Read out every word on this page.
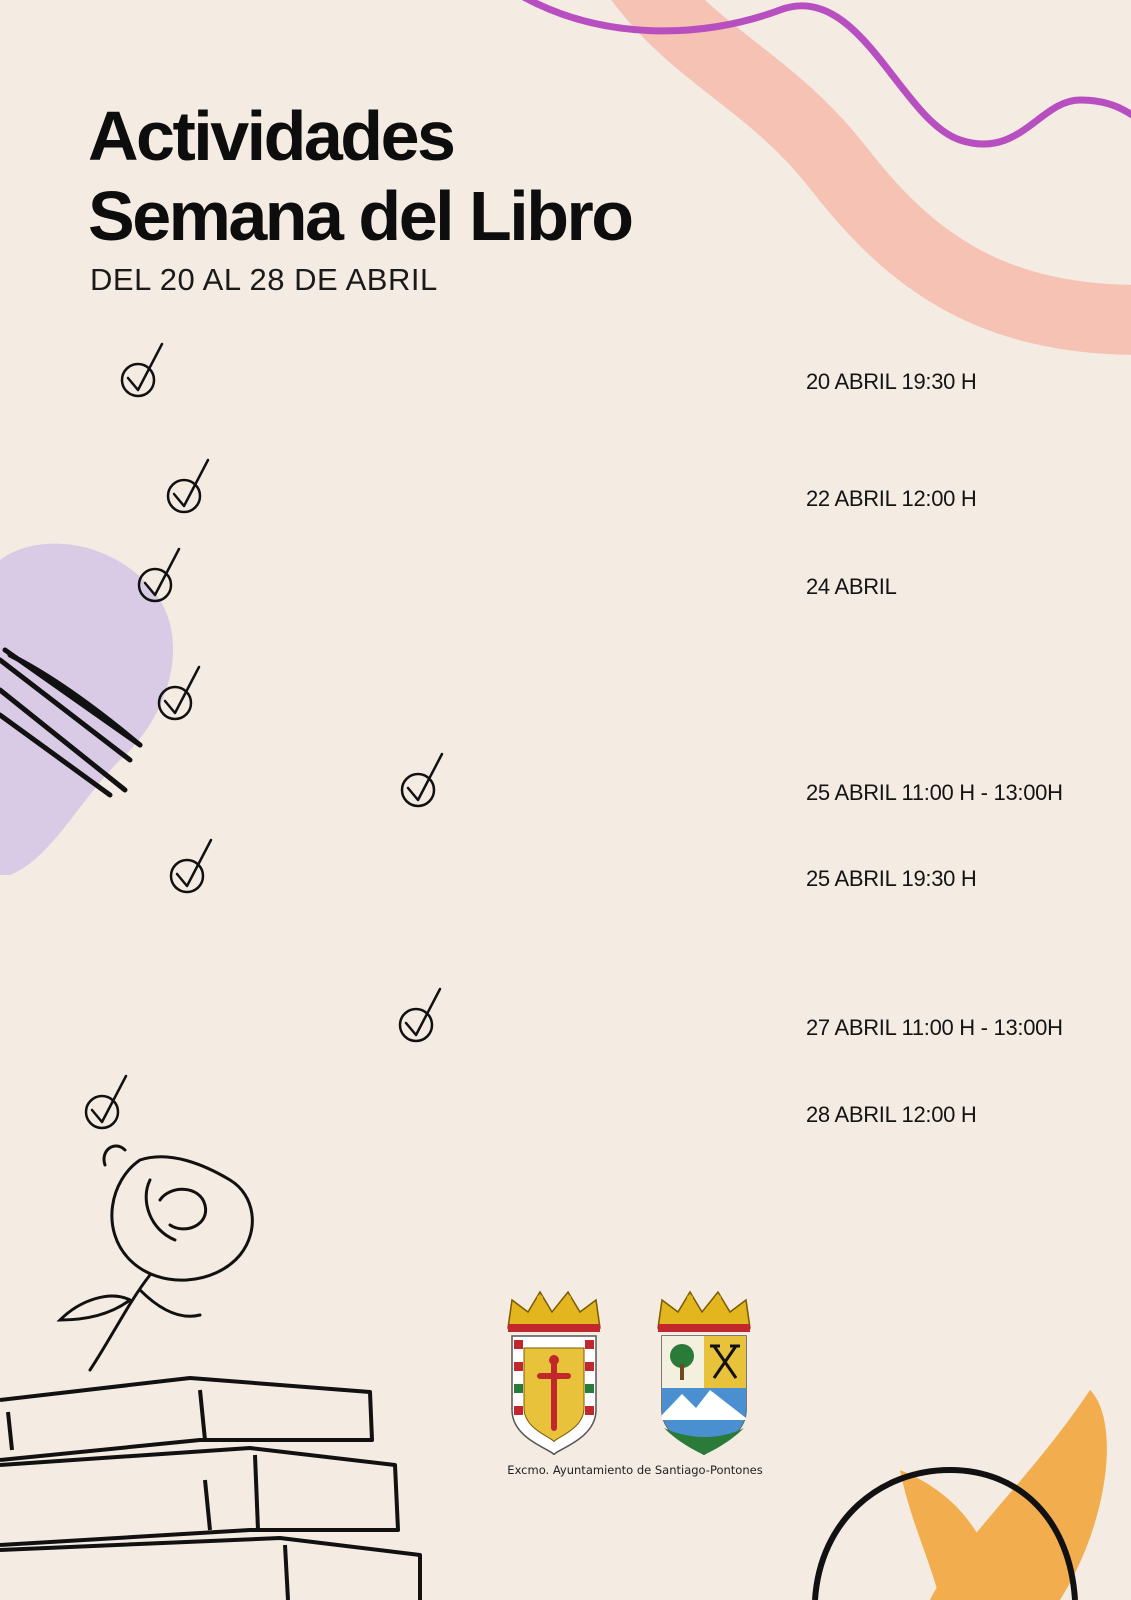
Actividades
Semana del Libro
DEL 20 AL 28 DE ABRIL
20 ABRIL 19:30 H
22 ABRIL 12:00 H
24 ABRIL
25 ABRIL 11:00 H - 13:00H
25 ABRIL 19:30 H
27 ABRIL 11:00 H - 13:00H
28 ABRIL 12:00 H
Excmo. Ayuntamiento de Santiago-Pontones
